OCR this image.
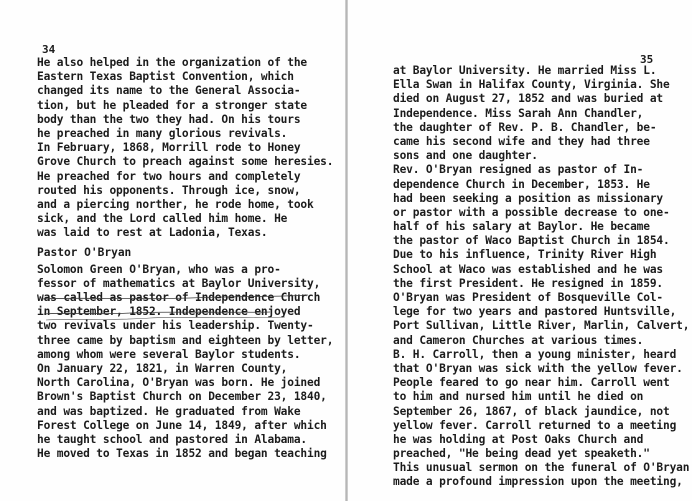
34
He also helped in the organization of the
Eastern Texas Baptist Convention, which
changed its name to the General Associa-
tion, but he pleaded for a stronger state
body than the two they had. On his tours
he preached in many glorious revivals.
In February, 1868, Morrill rode to Honey
Grove Church to preach against some heresies.
He preached for two hours and completely
routed his opponents. Through ice, snow,
and a piercing norther, he rode home, took
sick, and the Lord called him home. He
was laid to rest at Ladonia, Texas.
Pastor O'Bryan
Solomon Green O'Bryan, who was a pro-
fessor of mathematics at Baylor University,
was called as pastor of Independence Church
in September, 1852. Independence enjoyed
two revivals under his leadership. Twenty-
three came by baptism and eighteen by letter,
among whom were several Baylor students.
On January 22, 1821, in Warren County,
North Carolina, O'Bryan was born. He joined
Brown's Baptist Church on December 23, 1840,
and was baptized. He graduated from Wake
Forest College on June 14, 1849, after which
he taught school and pastored in Alabama.
He moved to Texas in 1852 and began teaching
35
at Baylor University. He married Miss L.
Ella Swan in Halifax County, Virginia. She
died on August 27, 1852 and was buried at
Independence. Miss Sarah Ann Chandler,
the daughter of Rev. P. B. Chandler, be-
came his second wife and they had three
sons and one daughter.
Rev. O'Bryan resigned as pastor of In-
dependence Church in December, 1853. He
had been seeking a position as missionary
or pastor with a possible decrease to one-
half of his salary at Baylor. He became
the pastor of Waco Baptist Church in 1854.
Due to his influence, Trinity River High
School at Waco was established and he was
the first President. He resigned in 1859.
O'Bryan was President of Bosqueville Col-
lege for two years and pastored Huntsville,
Port Sullivan, Little River, Marlin, Calvert,
and Cameron Churches at various times.
B. H. Carroll, then a young minister, heard
that O'Bryan was sick with the yellow fever.
People feared to go near him. Carroll went
to him and nursed him until he died on
September 26, 1867, of black jaundice, not
yellow fever. Carroll returned to a meeting
he was holding at Post Oaks Church and
preached, "He being dead yet speaketh."
This unusual sermon on the funeral of O'Bryan
made a profound impression upon the meeting,
